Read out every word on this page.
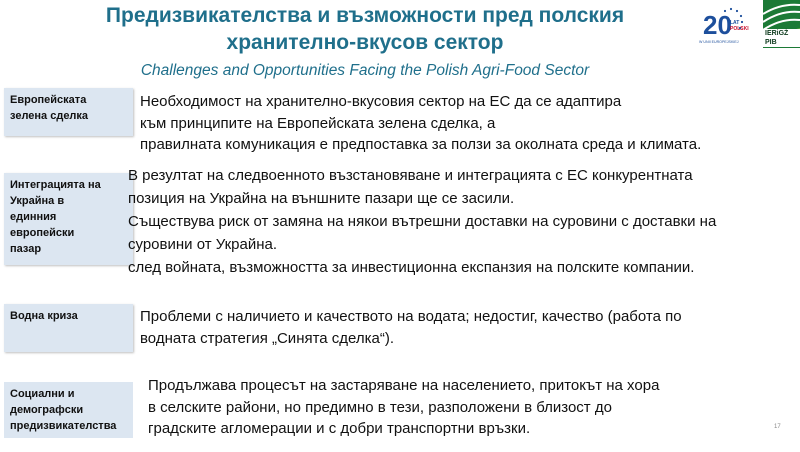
Предизвикателства и възможности пред полския
хранително-вкусов сектор
Challenges and Opportunities Facing the Polish Agri-Food Sector
20
LAT
POLSKI
W UNII EUROPEJSKIEJ
IERiGŻ PIB
Европейската
зелена сделка
Необходимост на хранително-вкусовия сектор на ЕС да се адаптира
към принципите на Европейската зелена сделка, а
правилната комуникация е предпоставка за ползи за околната среда и климата.
Интеграцията на
Украйна в
единния
европейски
пазар
В резултат на следвоенното възстановяване и интеграцията с ЕС конкурентната
позиция на Украйна на външните пазари ще се засили.
Съществува риск от замяна на някои вътрешни доставки на суровини с доставки на
суровини от Украйна.
след войната, възможността за инвестиционна експанзия на полските компании.
Водна криза	Проблеми с наличието и качеството на водата; недостиг, качество (работа по
водната стратегия „Синята сделка“).
Социални и
демографски
предизвикателства
Продължава процесът на застаряване на населението, притокът на хора
в селските райони, но предимно в тези, разположени в близост до
градските агломерации и с добри транспортни връзки.	17
